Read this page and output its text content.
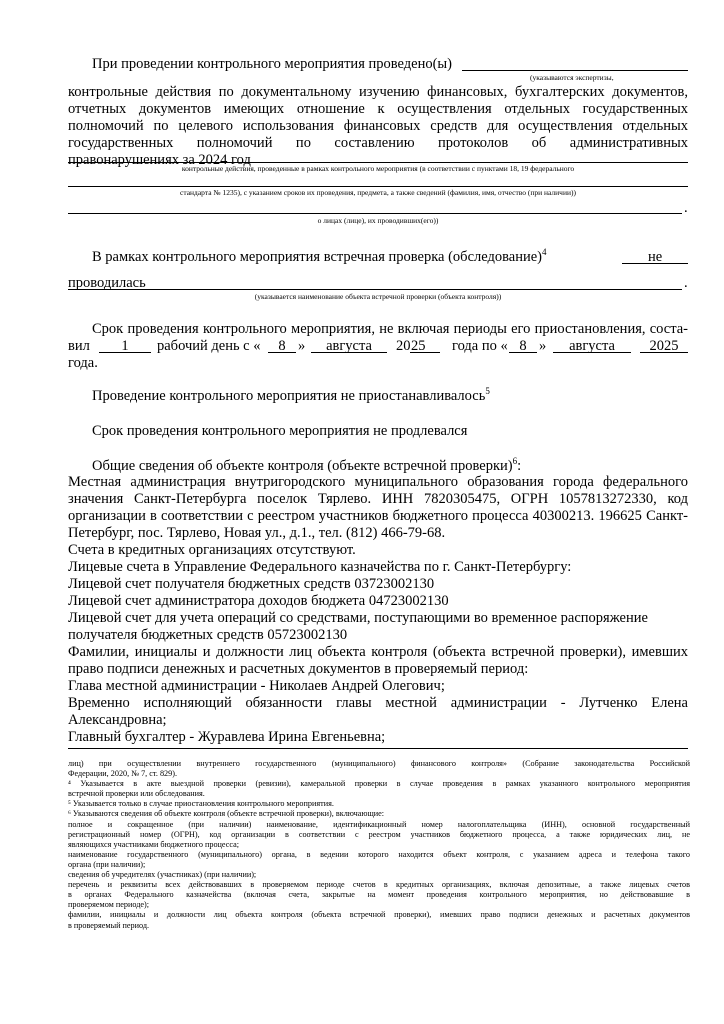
При проведении контрольного мероприятия проведено(ы)
(указываются экспертизы,
контрольные действия по документальному изучению финансовых, бухгалтерских документов,
отчетных документов имеющих отношение к осуществления отдельных государственных
полномочий по целевого использования финансовых средств для осуществления отдельных
государственных полномочий по составлению протоколов об административных
правонарушениях за 2024 год
контрольные действия, проведенные в рамках контрольного мероприятия (в соответствии с пунктами 18, 19 федерального
стандарта № 1235), с указанием сроков их проведения, предмета, а также сведений (фамилия, имя, отчество (при наличии))
.
о лицах (лице), их проводивших(его))
В рамках контрольного мероприятия встречная проверка (обследование)$^4$	не
проводилась	.
(указывается наименование объекта встречной проверки (объекта контроля))
Срок проведения контрольного мероприятия, не включая периоды его приостановления, соста-
вил	1	рабочий день с «	8 »	августа	20 25 года по « 8 »	августа	2025
года.
Проведение контрольного мероприятия не приостанавливалось$^5$
Срок проведения контрольного мероприятия не продлевался
Общие сведения об объекте контроля (объекте встречной проверки)$^6$:
Местная администрация внутригородского муниципального образования города федерального
значения Санкт-Петербурга поселок Тярлево. ИНН 7820305475, ОГРН 1057813272330, код
организации в соответствии с реестром участников бюджетного процесса 40300213. 196625 Санкт-
Петербург, пос. Тярлево, Новая ул., д.1., тел. (812) 466-79-68.
Счета в кредитных организациях отсутствуют.
Лицевые счета в Управление Федерального казначейства по г. Санкт-Петербургу:
Лицевой счет получателя бюджетных средств 03723002130
Лицевой счет администратора доходов бюджета 04723002130
Лицевой счет для учета операций со средствами, поступающими во временное распоряжение
получателя бюджетных средств 05723002130
Фамилии, инициалы и должности лиц объекта контроля (объекта встречной проверки), имевших
право подписи денежных и расчетных документов в проверяемый период:
Глава местной администрации - Николаев Андрей Олегович;
Временно исполняющий обязанности главы местной администрации - Лутченко Елена
Александровна;
Главный бухгалтер - Журавлева Ирина Евгеньевна;
лиц) при осуществлении внутреннего государственного (муниципального) финансового контроля» (Собрание законодательства Российской
Федерации, 2020, № 7, ст. 829).
⁴ Указывается в акте выездной проверки (ревизии), камеральной проверки в случае проведения в рамках указанного контрольного мероприятия
встречной проверки или обследования.
⁵ Указывается только в случае приостановления контрольного мероприятия.
⁶ Указываются сведения об объекте контроля (объекте встречной проверки), включающие:
полное и сокращенное (при наличии) наименование, идентификационный номер налогоплательщика (ИНН), основной государственный
регистрационный номер (ОГРН), код организации в соответствии с реестром участников бюджетного процесса, а также юридических лиц, не
являющихся участниками бюджетного процесса;
наименование государственного (муниципального) органа, в ведении которого находится объект контроля, с указанием адреса и телефона такого
органа (при наличии);
сведения об учредителях (участниках) (при наличии);
перечень и реквизиты всех действовавших в проверяемом периоде счетов в кредитных организациях, включая депозитные, а также лицевых счетов
в органах Федерального казначейства (включая счета, закрытые на момент проведения контрольного мероприятия, но действовавшие в
проверяемом периоде);
фамилии, инициалы и должности лиц объекта контроля (объекта встречной проверки), имевших право подписи денежных и расчетных документов
в проверяемый период.
